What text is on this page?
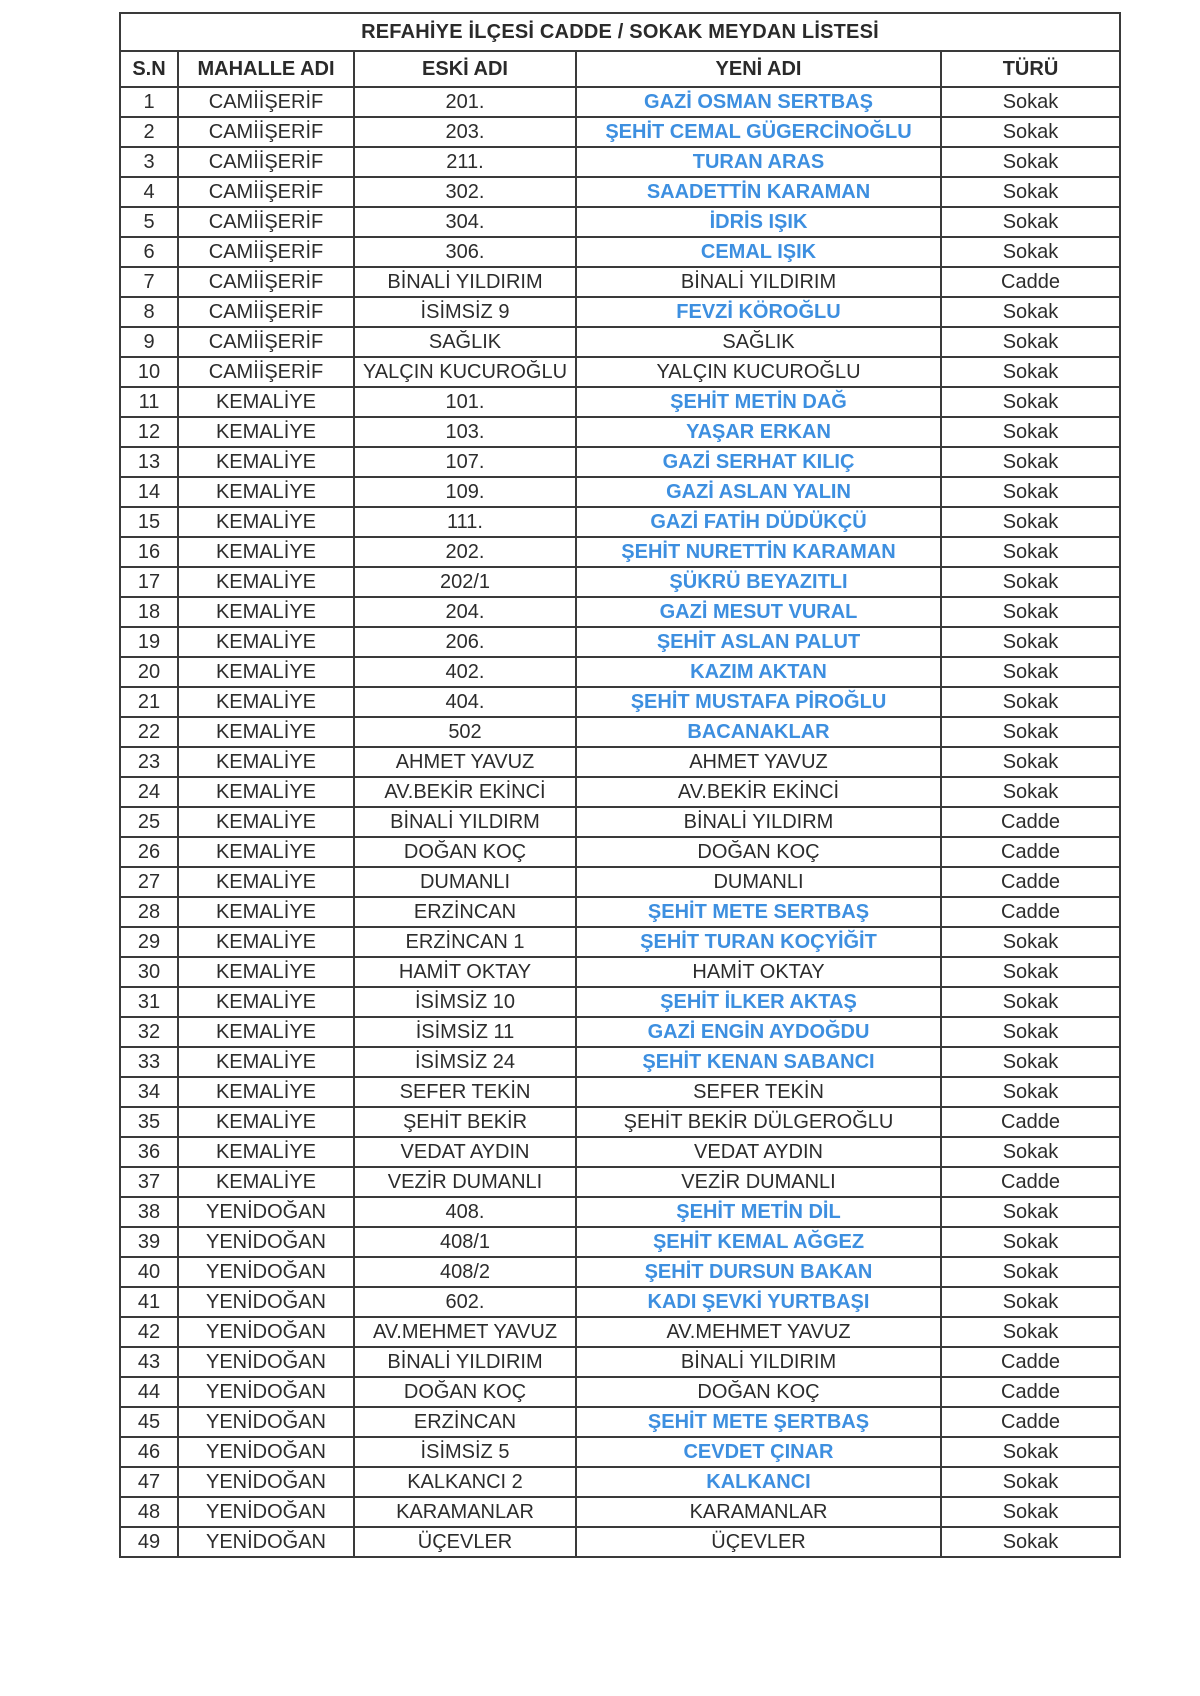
REFAHİYE İLÇESİ CADDE / SOKAK MEYDAN LİSTESİ				
S.N	MAHALLE ADI	ESKİ ADI	YENİ ADI	TÜRÜ
1	CAMİİŞERİF	201.	GAZİ OSMAN SERTBAŞ	Sokak
2	CAMİİŞERİF	203.	ŞEHİT CEMAL GÜGERCİNOĞLU	Sokak
3	CAMİİŞERİF	211.	TURAN ARAS	Sokak
4	CAMİİŞERİF	302.	SAADETTİN KARAMAN	Sokak
5	CAMİİŞERİF	304.	İDRİS IŞIK	Sokak
6	CAMİİŞERİF	306.	CEMAL IŞIK	Sokak
7	CAMİİŞERİF	BİNALİ YILDIRIM	BİNALİ YILDIRIM	Cadde
8	CAMİİŞERİF	İSİMSİZ 9	FEVZİ KÖROĞLU	Sokak
9	CAMİİŞERİF	SAĞLIK	SAĞLIK	Sokak
10	CAMİİŞERİF	YALÇIN KUCUROĞLU	YALÇIN KUCUROĞLU	Sokak
11	KEMALİYE	101.	ŞEHİT METİN DAĞ	Sokak
12	KEMALİYE	103.	YAŞAR ERKAN	Sokak
13	KEMALİYE	107.	GAZİ SERHAT KILIÇ	Sokak
14	KEMALİYE	109.	GAZİ ASLAN YALIN	Sokak
15	KEMALİYE	111.	GAZİ FATİH DÜDÜKÇÜ	Sokak
16	KEMALİYE	202.	ŞEHİT NURETTİN KARAMAN	Sokak
17	KEMALİYE	202/1	ŞÜKRÜ BEYAZITLI	Sokak
18	KEMALİYE	204.	GAZİ MESUT VURAL	Sokak
19	KEMALİYE	206.	ŞEHİT ASLAN PALUT	Sokak
20	KEMALİYE	402.	KAZIM AKTAN	Sokak
21	KEMALİYE	404.	ŞEHİT MUSTAFA PİROĞLU	Sokak
22	KEMALİYE	502	BACANAKLAR	Sokak
23	KEMALİYE	AHMET YAVUZ	AHMET YAVUZ	Sokak
24	KEMALİYE	AV.BEKİR EKİNCİ	AV.BEKİR EKİNCİ	Sokak
25	KEMALİYE	BİNALİ YILDIRM	BİNALİ YILDIRM	Cadde
26	KEMALİYE	DOĞAN KOÇ	DOĞAN KOÇ	Cadde
27	KEMALİYE	DUMANLI	DUMANLI	Cadde
28	KEMALİYE	ERZİNCAN	ŞEHİT METE SERTBAŞ	Cadde
29	KEMALİYE	ERZİNCAN 1	ŞEHİT TURAN KOÇYİĞİT	Sokak
30	KEMALİYE	HAMİT OKTAY	HAMİT OKTAY	Sokak
31	KEMALİYE	İSİMSİZ 10	ŞEHİT İLKER AKTAŞ	Sokak
32	KEMALİYE	İSİMSİZ 11	GAZİ ENGİN AYDOĞDU	Sokak
33	KEMALİYE	İSİMSİZ 24	ŞEHİT KENAN SABANCI	Sokak
34	KEMALİYE	SEFER TEKİN	SEFER TEKİN	Sokak
35	KEMALİYE	ŞEHİT BEKİR	ŞEHİT BEKİR DÜLGEROĞLU	Cadde
36	KEMALİYE	VEDAT AYDIN	VEDAT AYDIN	Sokak
37	KEMALİYE	VEZİR DUMANLI	VEZİR DUMANLI	Cadde
38	YENİDOĞAN	408.	ŞEHİT METİN DİL	Sokak
39	YENİDOĞAN	408/1	ŞEHİT KEMAL AĞGEZ	Sokak
40	YENİDOĞAN	408/2	ŞEHİT DURSUN BAKAN	Sokak
41	YENİDOĞAN	602.	KADI ŞEVKİ YURTBAŞI	Sokak
42	YENİDOĞAN	AV.MEHMET YAVUZ	AV.MEHMET YAVUZ	Sokak
43	YENİDOĞAN	BİNALİ YILDIRIM	BİNALİ YILDIRIM	Cadde
44	YENİDOĞAN	DOĞAN KOÇ	DOĞAN KOÇ	Cadde
45	YENİDOĞAN	ERZİNCAN	ŞEHİT METE ŞERTBAŞ	Cadde
46	YENİDOĞAN	İSİMSİZ 5	CEVDET ÇINAR	Sokak
47	YENİDOĞAN	KALKANCI 2	KALKANCI	Sokak
48	YENİDOĞAN	KARAMANLAR	KARAMANLAR	Sokak
49	YENİDOĞAN	ÜÇEVLER	ÜÇEVLER	Sokak
